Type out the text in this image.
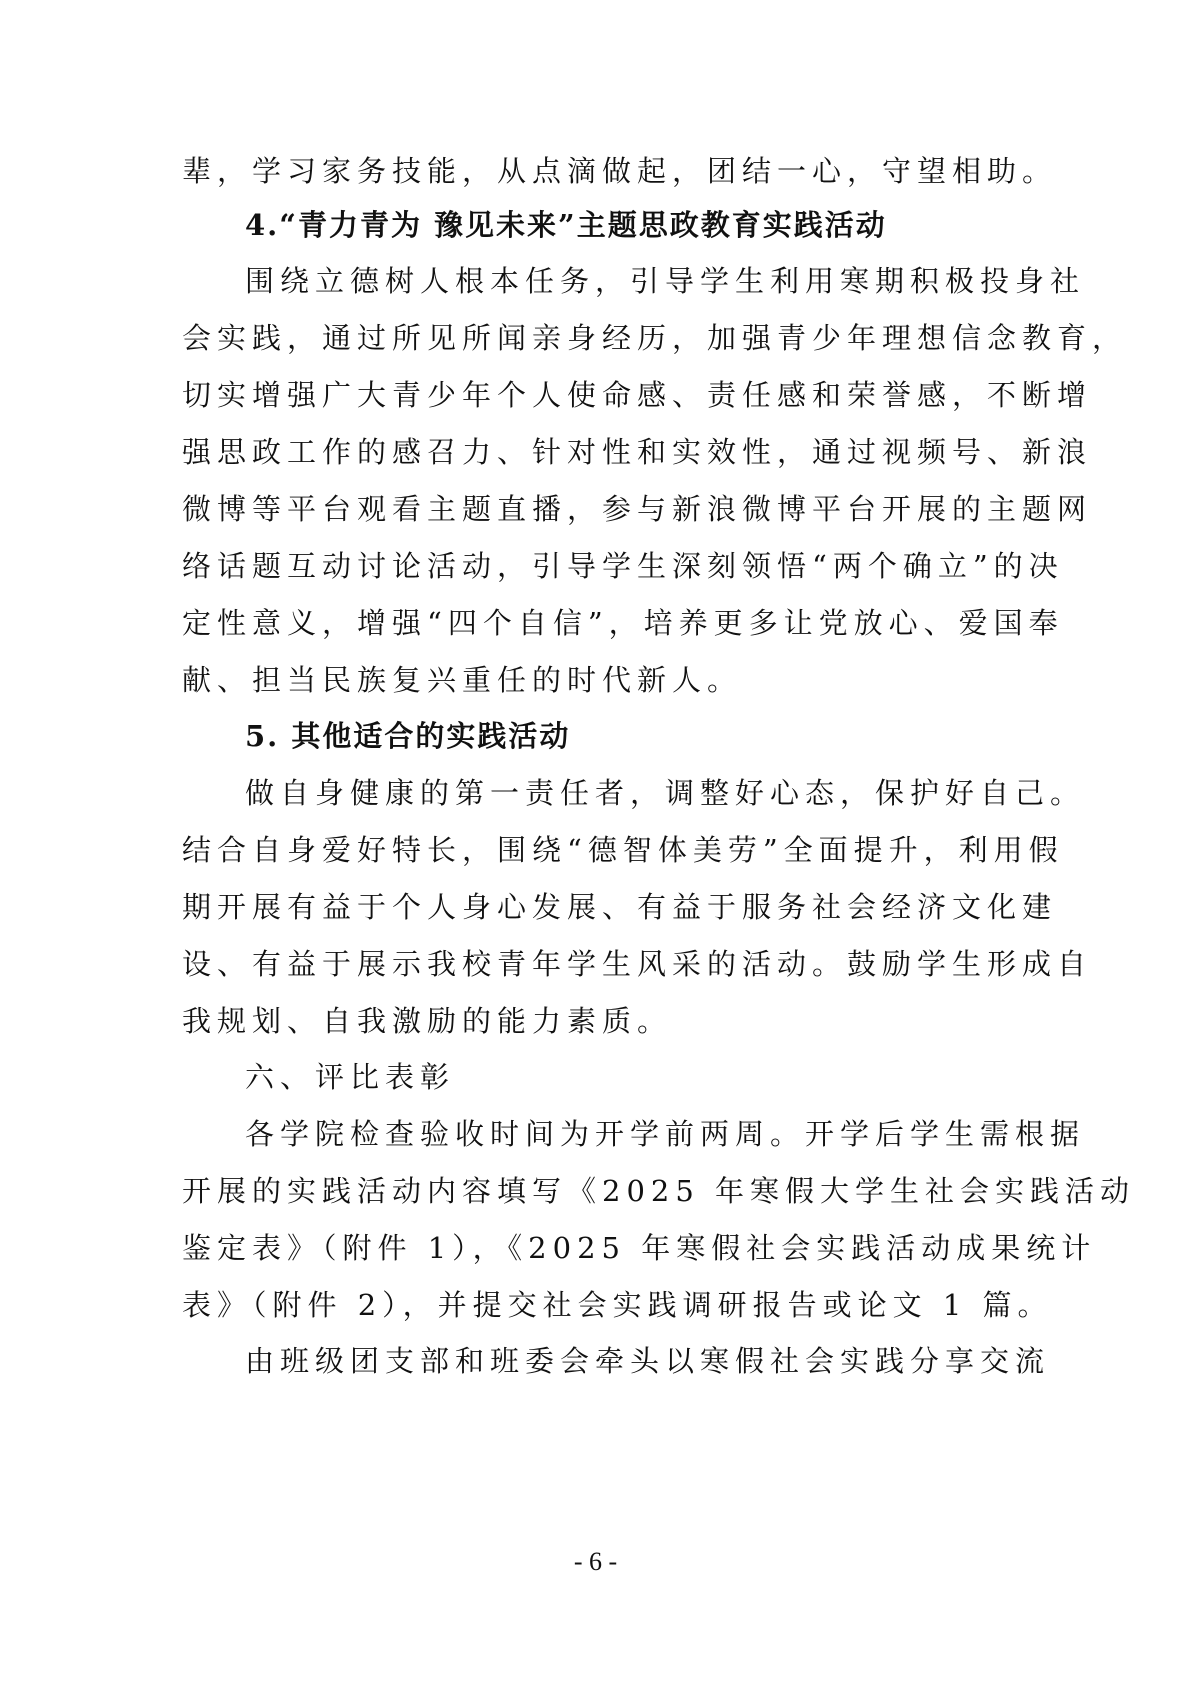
辈，学习家务技能，从点滴做起，团结一心，守望相助。
4.“青力青为 豫见未来”主题思政教育实践活动
围绕立德树人根本任务，引导学生利用寒期积极投身社
会实践，通过所见所闻亲身经历，加强青少年理想信念教育，
切实增强广大青少年个人使命感、责任感和荣誉感，不断增
强思政工作的感召力、针对性和实效性，通过视频号、新浪
微博等平台观看主题直播，参与新浪微博平台开展的主题网
络话题互动讨论活动，引导学生深刻领悟“两个确立”的决
定性意义，增强“四个自信”，培养更多让党放心、爱国奉
献、担当民族复兴重任的时代新人。
5. 其他适合的实践活动
做自身健康的第一责任者，调整好心态，保护好自己。
结合自身爱好特长，围绕“德智体美劳”全面提升，利用假
期开展有益于个人身心发展、有益于服务社会经济文化建
设、有益于展示我校青年学生风采的活动。鼓励学生形成自
我规划、自我激励的能力素质。
六、评比表彰
各学院检查验收时间为开学前两周。开学后学生需根据
开展的实践活动内容填写《2025 年寒假大学生社会实践活动
鉴定表》（附件 1），《2025 年寒假社会实践活动成果统计
表》（附件 2），并提交社会实践调研报告或论文 1 篇。
由班级团支部和班委会牵头以寒假社会实践分享交流
- 6 -
